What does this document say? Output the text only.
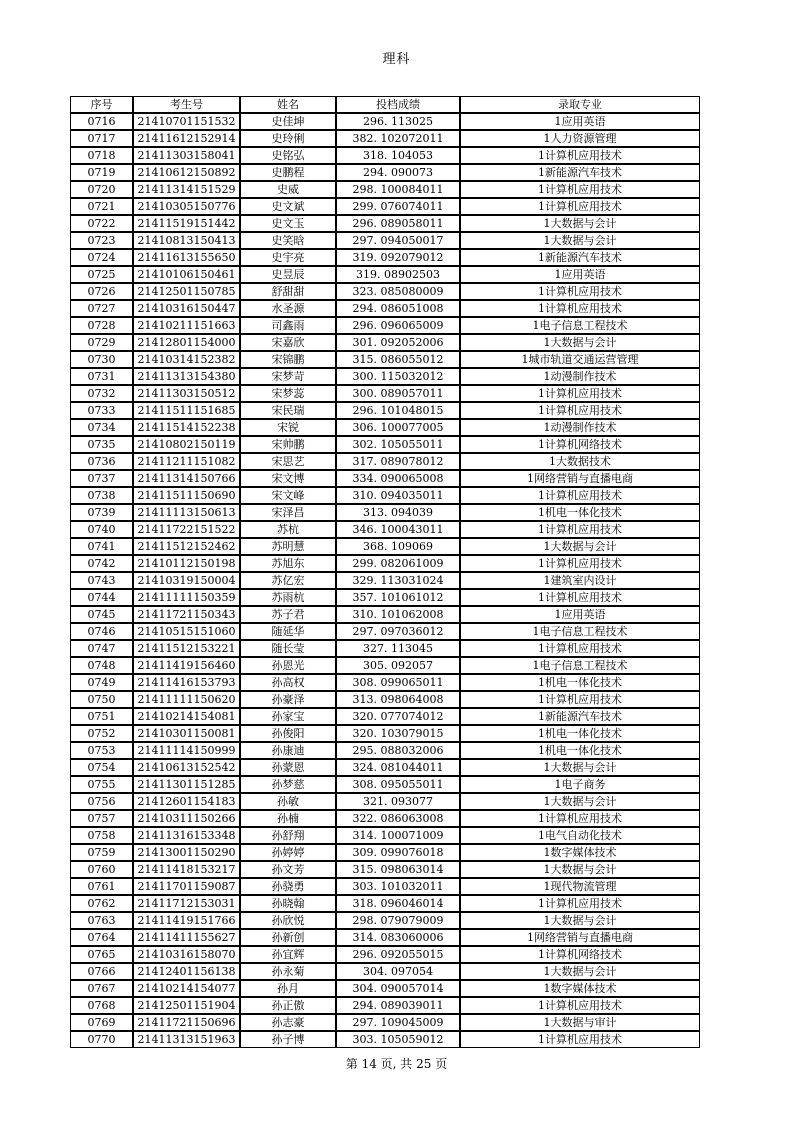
理科
序号	考生号	姓名	投档成绩	录取专业
0716	21410701151532	史佳坤	296. 113025	1应用英语
0717	21411612152914	史玲俐	382. 102072011	1人力资源管理
0718	21411303158041	史铭弘	318. 104053	1计算机应用技术
0719	21410612150892	史鹏程	294. 090073	1新能源汽车技术
0720	21411314151529	史威	298. 100084011	1计算机应用技术
0721	21410305150776	史文斌	299. 076074011	1计算机应用技术
0722	21411519151442	史文玉	296. 089058011	1大数据与会计
0723	21410813150413	史笑晗	297. 094050017	1大数据与会计
0724	21411613155650	史宇亮	319. 092079012	1新能源汽车技术
0725	21410106150461	史昱辰	319. 08902503	1应用英语
0726	21412501150785	舒甜甜	323. 085080009	1计算机应用技术
0727	21410316150447	水圣源	294. 086051008	1计算机应用技术
0728	21410211151663	司鑫雨	296. 096065009	1电子信息工程技术
0729	21412801154000	宋嘉欣	301. 092052006	1大数据与会计
0730	21410314152382	宋锦鹏	315. 086055012	1城市轨道交通运营管理
0731	21411313154380	宋梦苛	300. 115032012	1动漫制作技术
0732	21411303150512	宋梦蕊	300. 089057011	1计算机应用技术
0733	21411511151685	宋民瑞	296. 101048015	1计算机应用技术
0734	21411514152238	宋锐	306. 100077005	1动漫制作技术
0735	21410802150119	宋帅鹏	302. 105055011	1计算机网络技术
0736	21411211151082	宋思艺	317. 089078012	1大数据技术
0737	21411314150766	宋文博	334. 090065008	1网络营销与直播电商
0738	21411511150690	宋文峰	310. 094035011	1计算机应用技术
0739	21411113150613	宋泽昌	313. 094039	1机电一体化技术
0740	21411722151522	苏杭	346. 100043011	1计算机应用技术
0741	21411512152462	苏明慧	368. 109069	1大数据与会计
0742	21410112150198	苏旭东	299. 082061009	1计算机应用技术
0743	21410319150004	苏亿宏	329. 113031024	1建筑室内设计
0744	21411111150359	苏雨杭	357. 101061012	1计算机应用技术
0745	21411721150343	苏子君	310. 101062008	1应用英语
0746	21410515151060	随延华	297. 097036012	1电子信息工程技术
0747	21411512153221	随长莹	327. 113045	1计算机应用技术
0748	21411419156460	孙恩光	305. 092057	1电子信息工程技术
0749	21411416153793	孙高权	308. 099065011	1机电一体化技术
0750	21411111150620	孙豪泽	313. 098064008	1计算机应用技术
0751	21410214154081	孙家宝	320. 077074012	1新能源汽车技术
0752	21410301150081	孙俊阳	320. 103079015	1机电一体化技术
0753	21411114150999	孙康迪	295. 088032006	1机电一体化技术
0754	21410613152542	孙蒙恩	324. 081044011	1大数据与会计
0755	21411301151285	孙梦慈	308. 095055011	1电子商务
0756	21412601154183	孙敏	321. 093077	1大数据与会计
0757	21410311150266	孙楠	322. 086063008	1计算机应用技术
0758	21411316153348	孙舒翔	314. 100071009	1电气自动化技术
0759	21413001150290	孙婷婷	309. 099076018	1数字媒体技术
0760	21411418153217	孙文芳	315. 098063014	1大数据与会计
0761	21411701159087	孙骁勇	303. 101032011	1现代物流管理
0762	21411712153031	孙晓翰	318. 096046014	1计算机应用技术
0763	21411419151766	孙欣悦	298. 079079009	1大数据与会计
0764	21411411155627	孙新创	314. 083060006	1网络营销与直播电商
0765	21410316158070	孙宜辉	296. 092055015	1计算机网络技术
0766	21412401156138	孙永菊	304. 097054	1大数据与会计
0767	21410214154077	孙月	304. 090057014	1数字媒体技术
0768	21412501151904	孙正傲	294. 089039011	1计算机应用技术
0769	21411721150696	孙志豪	297. 109045009	1大数据与审计
0770	21411313151963	孙子博	303. 105059012	1计算机应用技术
第 14 页, 共 25 页
